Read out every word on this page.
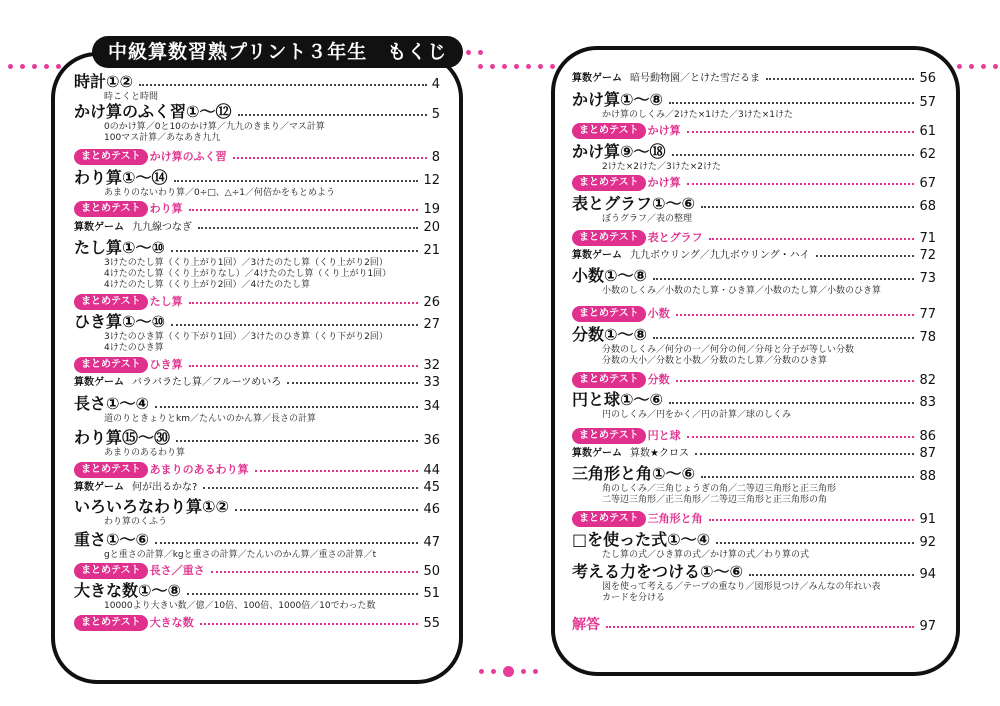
中級算数習熟プリント３年生　もくじ
時計①②	4
時こくと時間
かけ算のふく習①～⑫	5
0のかけ算／0と10のかけ算／九九のきまり／マス計算
100マス計算／あなあき九九
まとめテスト かけ算のふく習	8
わり算①～⑭	12
あまりのないわり算／0÷□、△÷1／何倍かをもとめよう
まとめテスト わり算	19
算数ゲーム 九九線つなぎ	20
たし算①～⑩	21
3けたのたし算（くり上がり1回）／3けたのたし算（くり上がり2回）
4けたのたし算（くり上がりなし）／4けたのたし算（くり上がり1回）
4けたのたし算（くり上がり2回）／4けたのたし算
まとめテスト たし算	26
ひき算①～⑩	27
3けたのひき算（くり下がり1回）／3けたのひき算（くり下がり2回）
4けたのひき算
まとめテスト ひき算	32
算数ゲーム バラバラたし算／フルーツめいろ	33
長さ①～④	34
道のりときょりとkm／たんいのかん算／長さの計算
わり算⑮～㉚	36
あまりのあるわり算
まとめテスト あまりのあるわり算	44
算数ゲーム 何が出るかな?	45
いろいろなわり算①②	46
わり算のくふう
重さ①～⑥	47
gと重さの計算／kgと重さの計算／たんいのかん算／重さの計算／t
まとめテスト 長さ／重さ	50
大きな数①～⑧	51
10000より大きい数／億／10倍、100倍、1000倍／10でわった数
まとめテスト 大きな数	55
算数ゲーム 暗号動物園／とけた雪だるま	56
かけ算①～⑧	57
かけ算のしくみ／2けた×1けた／3けた×1けた
まとめテスト かけ算	61
かけ算⑨～⑱	62
2けた×2けた／3けた×2けた
まとめテスト かけ算	67
表とグラフ①～⑥	68
ぼうグラフ／表の整理
まとめテスト 表とグラフ	71
算数ゲーム 九九ボウリング／九九ボウリング・ハイ	72
小数①～⑧	73
小数のしくみ／小数のたし算・ひき算／小数のたし算／小数のひき算
まとめテスト 小数	77
分数①～⑧	78
分数のしくみ／何分の一／何分の何／分母と分子が等しい分数
分数の大小／分数と小数／分数のたし算／分数のひき算
まとめテスト 分数	82
円と球①～⑥	83
円のしくみ／円をかく／円の計算／球のしくみ
まとめテスト 円と球	86
算数ゲーム 算数★クロス	87
三角形と角①～⑥	88
角のしくみ／三角じょうぎの角／二等辺三角形と正三角形
二等辺三角形／正三角形／二等辺三角形と正三角形の角
まとめテスト 三角形と角	91
□を使った式①～④	92
たし算の式／ひき算の式／かけ算の式／わり算の式
考える力をつける①～⑥	94
図を使って考える／テープの重なり／図形見つけ／みんなの年れい表
カードを分ける
解答	97
